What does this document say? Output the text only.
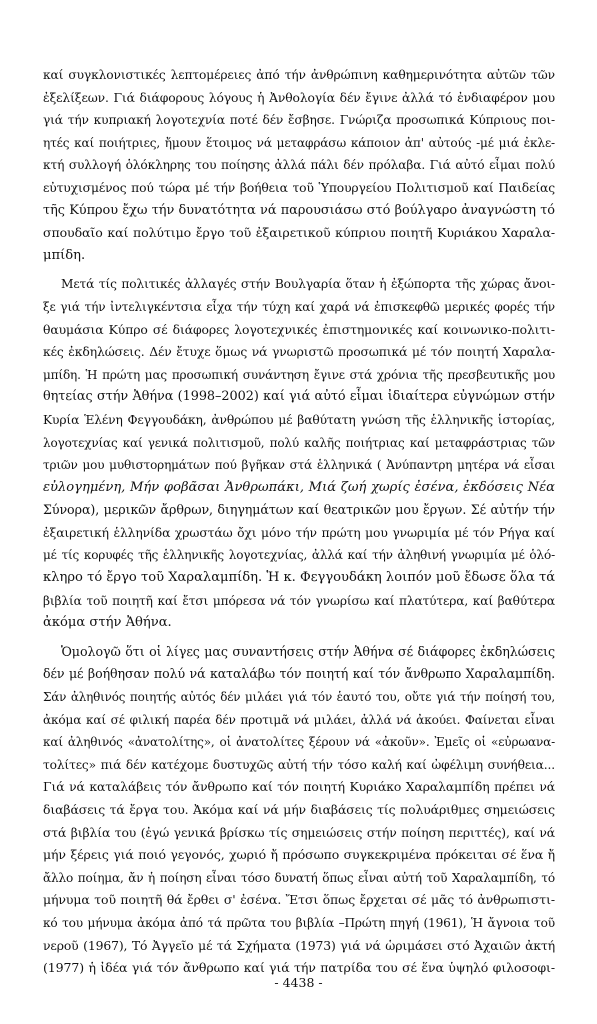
καί συγκλονιστικές λεπτομέρειες ἀπό τήν ἀνθρώπινη καθημερινότητα αὐτῶν τῶν
ἐξελίξεων. Γιά διάφορους λόγους ἡ Ἀνθολογία δέν ἔγινε ἀλλά τό ἐνδιαφέρον μου
γιά τήν κυπριακή λογοτεχνία ποτέ δέν ἔσβησε. Γνώριζα προσωπικά Κύπριους ποι-
ητές καί ποιήτριες, ἤμουν ἕτοιμος νά μεταφράσω κάποιον ἀπ' αὐτούς -μέ μιά ἐκλε-
κτή συλλογή ὁλόκληρης του ποίησης ἀλλά πάλι δέν πρόλαβα. Γιά αὐτό εἶμαι πολύ
εὐτυχισμένος πού τώρα μέ τήν βοήθεια τοῦ Ὑπουργείου Πολιτισμοῦ καί Παιδείας
τῆς Κύπρου ἔχω τήν δυνατότητα νά παρουσιάσω στό βούλγαρο ἀναγνώστη τό
σπουδαῖο καί πολύτιμο ἔργο τοῦ ἐξαιρετικοῦ κύπριου ποιητῆ Κυριάκου Χαραλα-
μπίδη.
Μετά τίς πολιτικές ἀλλαγές στήν Βουλγαρία ὅταν ἡ ἐξώπορτα τῆς χώρας ἄνοι-
ξε γιά τήν ἰντελιγκέντσια εἶχα τήν τύχη καί χαρά νά ἐπισκεφθῶ μερικές φορές τήν
θαυμάσια Κύπρο σέ διάφορες λογοτεχνικές ἐπιστημονικές καί κοινωνικο-πολιτι-
κές ἐκδηλώσεις. Δέν ἔτυχε ὅμως νά γνωριστῶ προσωπικά μέ τόν ποιητή Χαραλα-
μπίδη. Ἡ πρώτη μας προσωπική συνάντηση ἔγινε στά χρόνια τῆς πρεσβευτικῆς μου
θητείας στήν Ἀθήνα (1998–2002) καί γιά αὐτό εἶμαι ἰδιαίτερα εὐγνώμων στήν
Κυρία Ἑλένη Φεγγουδάκη, ἀνθρώπου μέ βαθύτατη γνώση τῆς ἑλληνικῆς ἱστορίας,
λογοτεχνίας καί γενικά πολιτισμοῦ, πολύ καλῆς ποιήτριας καί μεταφράστριας τῶν
τριῶν μου μυθιστορημάτων πού βγῆκαν στά ἑλληνικά ( Ἀνύπαντρη μητέρα νά εἶσαι
εὐλογημένη, Μήν φοβᾶσαι Ἀνθρωπάκι, Μιά ζωή χωρίς ἐσένα, ἐκδόσεις Νέα
Σύνορα), μερικῶν ἄρθρων, διηγημάτων καί θεατρικῶν μου ἔργων. Σέ αὐτήν τήν
ἐξαιρετική ἑλληνίδα χρωστάω ὄχι μόνο τήν πρώτη μου γνωριμία μέ τόν Ρήγα καί
μέ τίς κορυφές τῆς ἑλληνικῆς λογοτεχνίας, ἀλλά καί τήν ἀληθινή γνωριμία μέ ὁλό-
κληρο τό ἔργο τοῦ Χαραλαμπίδη. Ἡ κ. Φεγγουδάκη λοιπόν μοῦ ἔδωσε ὅλα τά
βιβλία τοῦ ποιητῆ καί ἔτσι μπόρεσα νά τόν γνωρίσω καί πλατύτερα, καί βαθύτερα
ἀκόμα στήν Ἀθήνα.
Ὁμολογῶ ὅτι οἱ λίγες μας συναντήσεις στήν Ἀθήνα σέ διάφορες ἐκδηλώσεις
δέν μέ βοήθησαν πολύ νά καταλάβω τόν ποιητή καί τόν ἄνθρωπο Χαραλαμπίδη.
Σάν ἀληθινός ποιητής αὐτός δέν μιλάει γιά τόν ἑαυτό του, οὔτε γιά τήν ποίησή του,
ἀκόμα καί σέ φιλική παρέα δέν προτιμᾶ νά μιλάει, ἀλλά νά ἀκούει. Φαίνεται εἶναι
καί ἀληθινός «ἀνατολίτης», οἱ ἀνατολίτες ξέρουν νά «ἀκοῦν». Ἐμεῖς οἱ «εὐρωανα-
τολίτες» πιά δέν κατέχομε δυστυχῶς αὐτή τήν τόσο καλή καί ὠφέλιμη συνήθεια...
Γιά νά καταλάβεις τόν ἄνθρωπο καί τόν ποιητή Κυριάκο Χαραλαμπίδη πρέπει νά
διαβάσεις τά ἔργα του. Ἀκόμα καί νά μήν διαβάσεις τίς πολυάριθμες σημειώσεις
στά βιβλία του (ἐγώ γενικά βρίσκω τίς σημειώσεις στήν ποίηση περιττές), καί νά
μήν ξέρεις γιά ποιό γεγονός, χωριό ἤ πρόσωπο συγκεκριμένα πρόκειται σέ ἕνα ἤ
ἄλλο ποίημα, ἄν ἡ ποίηση εἶναι τόσο δυνατή ὅπως εἶναι αὐτή τοῦ Χαραλαμπίδη, τό
μήνυμα τοῦ ποιητῆ θά ἔρθει σ' ἐσένα. Ἔτσι ὅπως ἔρχεται σέ μᾶς τό ἀνθρωπιστι-
κό του μήνυμα ἀκόμα ἀπό τά πρῶτα του βιβλία –Πρώτη πηγή (1961), Ἡ ἄγνοια τοῦ
νεροῦ (1967), Τό Ἀγγεῖο μέ τά Σχήματα (1973) γιά νά ὡριμάσει στό Ἀχαιῶν ἀκτή
(1977) ἡ ἰδέα γιά τόν ἄνθρωπο καί γιά τήν πατρίδα του σέ ἕνα ὑψηλό φιλοσοφι-
- 4438 -
